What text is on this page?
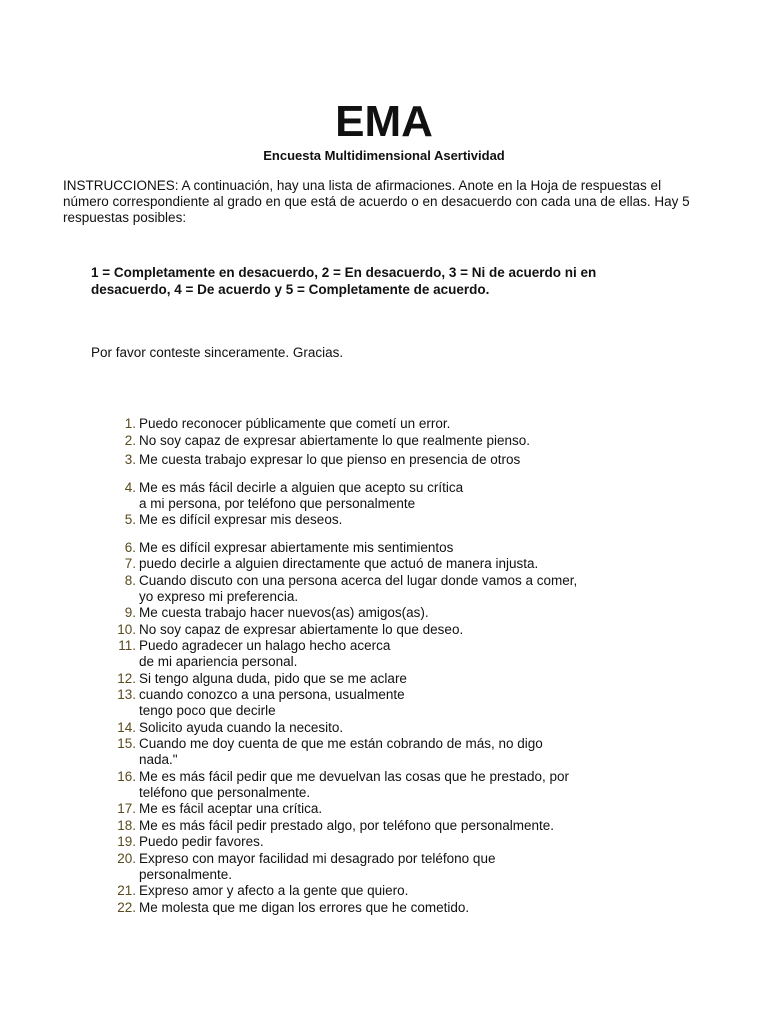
EMA
Encuesta Multidimensional Asertividad
INSTRUCCIONES: A continuación, hay una lista de afirmaciones. Anote en la Hoja de respuestas el número correspondiente al grado en que está de acuerdo o en desacuerdo con cada una de ellas. Hay 5 respuestas posibles:
1 = Completamente en desacuerdo, 2 = En desacuerdo, 3 = Ni de acuerdo ni en desacuerdo, 4 = De acuerdo y 5 = Completamente de acuerdo.
Por favor conteste sinceramente. Gracias.
1. Puedo reconocer públicamente que cometí un error.
2. No soy capaz de expresar abiertamente lo que realmente pienso.
3. Me cuesta trabajo expresar lo que pienso en presencia de otros
4. Me es más fácil decirle a alguien que acepto su crítica
a mi persona, por teléfono que personalmente
5. Me es difícil expresar mis deseos.
6. Me es difícil expresar abiertamente mis sentimientos
7. puedo decirle a alguien directamente que actuó de manera injusta.
8. Cuando discuto con una persona acerca del lugar donde vamos a comer,
yo expreso mi preferencia.
9. Me cuesta trabajo hacer nuevos(as) amigos(as).
10. No soy capaz de expresar abiertamente lo que deseo.
11. Puedo agradecer un halago hecho acerca
de mi apariencia personal.
12. Si tengo alguna duda, pido que se me aclare
13. cuando conozco a una persona, usualmente
tengo poco que decirle
14. Solicito ayuda cuando la necesito.
15. Cuando me doy cuenta de que me están cobrando de más, no digo
nada."
16. Me es más fácil pedir que me devuelvan las cosas que he prestado, por
teléfono que personalmente.
17. Me es fácil aceptar una crítica.
18. Me es más fácil pedir prestado algo, por teléfono que personalmente.
19. Puedo pedir favores.
20. Expreso con mayor facilidad mi desagrado por teléfono que
personalmente.
21. Expreso amor y afecto a la gente que quiero.
22. Me molesta que me digan los errores que he cometido.
